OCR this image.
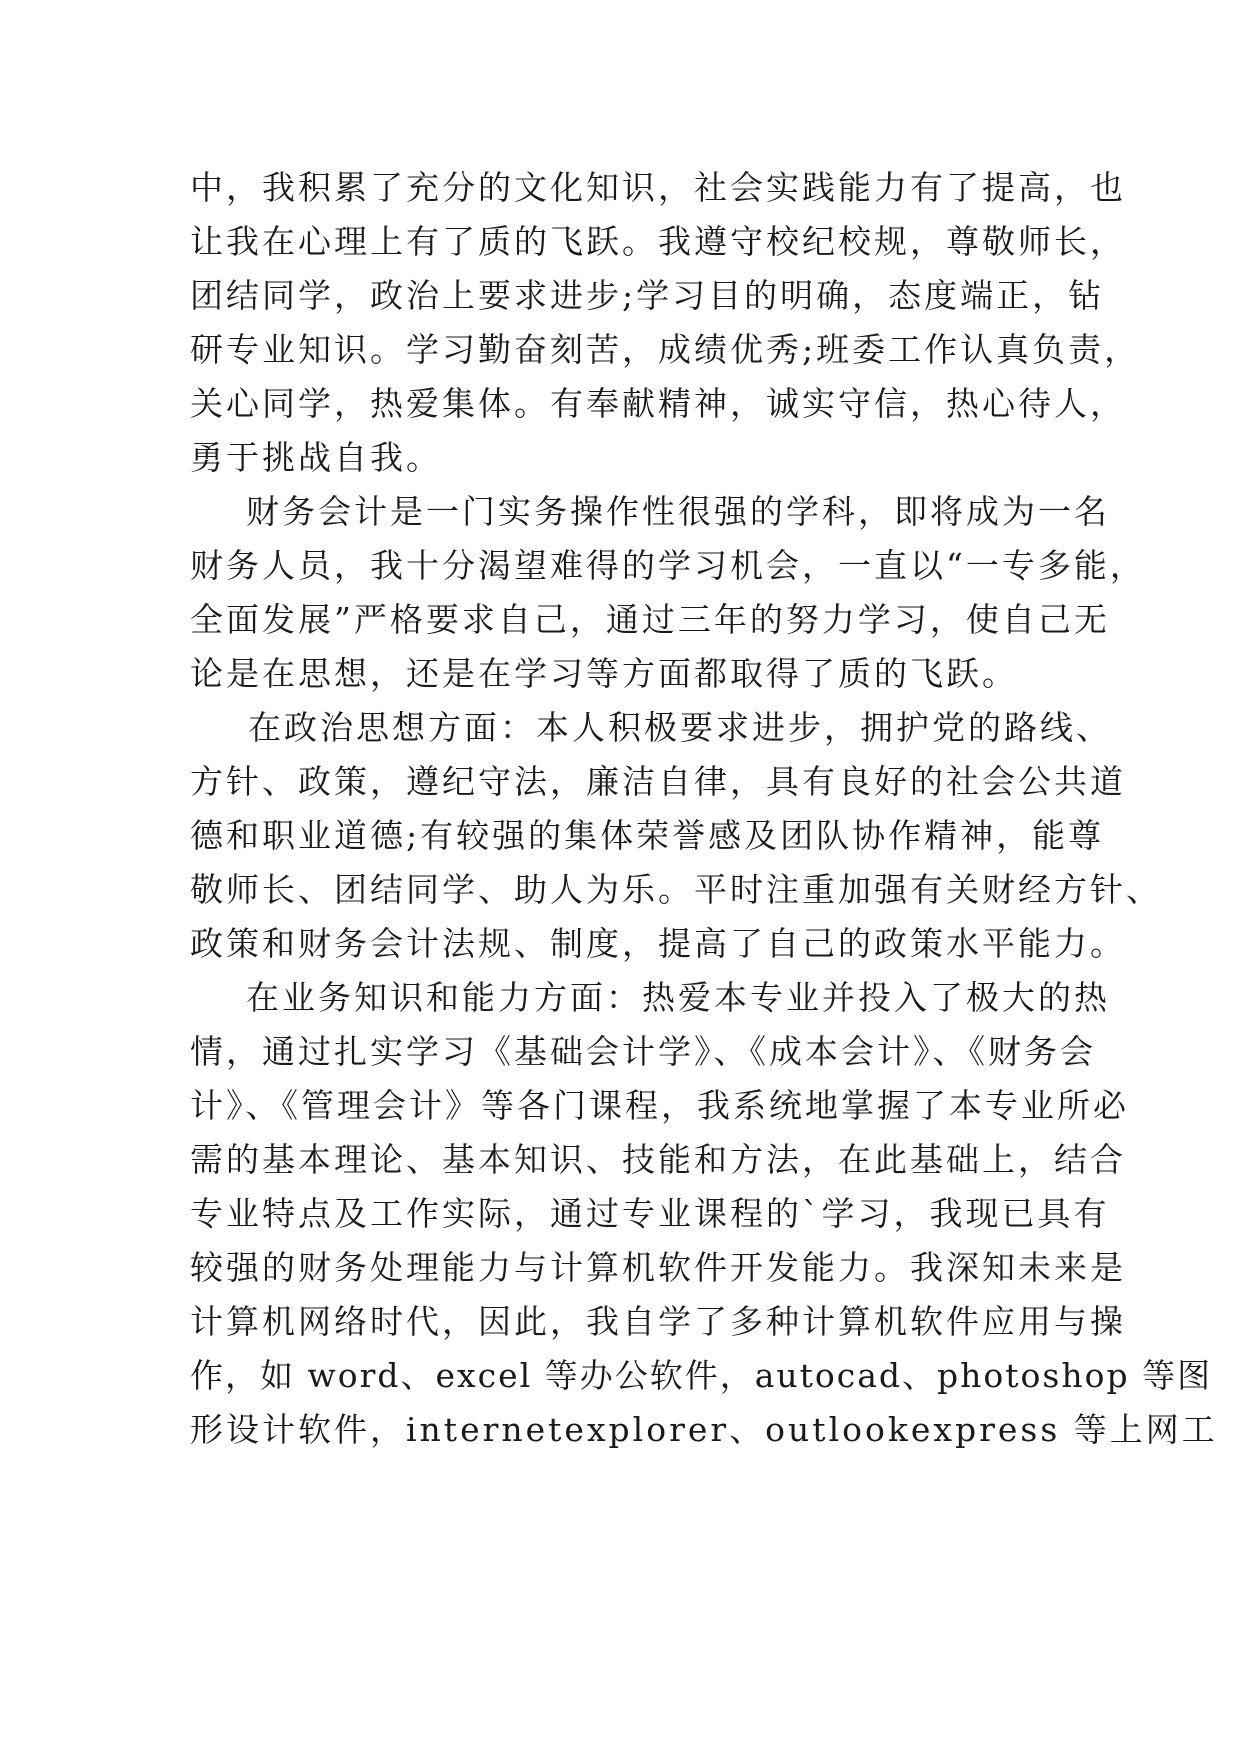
中，我积累了充分的文化知识，社会实践能力有了提高，也
让我在心理上有了质的飞跃。我遵守校纪校规，尊敬师长，
团结同学，政治上要求进步;学习目的明确，态度端正，钻
研专业知识。学习勤奋刻苦，成绩优秀;班委工作认真负责，
关心同学，热爱集体。有奉献精神，诚实守信，热心待人，
勇于挑战自我。
财务会计是一门实务操作性很强的学科，即将成为一名
财务人员，我十分渴望难得的学习机会，一直以“一专多能，
全面发展”严格要求自己，通过三年的努力学习，使自己无
论是在思想，还是在学习等方面都取得了质的飞跃。
在政治思想方面：本人积极要求进步，拥护党的路线、
方针、政策，遵纪守法，廉洁自律，具有良好的社会公共道
德和职业道德;有较强的集体荣誉感及团队协作精神，能尊
敬师长、团结同学、助人为乐。平时注重加强有关财经方针、
政策和财务会计法规、制度，提高了自己的政策水平能力。
在业务知识和能力方面：热爱本专业并投入了极大的热
情，通过扎实学习《基础会计学》、《成本会计》、《财务会
计》、《管理会计》等各门课程，我系统地掌握了本专业所必
需的基本理论、基本知识、技能和方法，在此基础上，结合
专业特点及工作实际，通过专业课程的`学习，我现已具有
较强的财务处理能力与计算机软件开发能力。我深知未来是
计算机网络时代，因此，我自学了多种计算机软件应用与操
作，如 word、excel 等办公软件，autocad、photoshop 等图
形设计软件，internetexplorer、outlookexpress 等上网工
